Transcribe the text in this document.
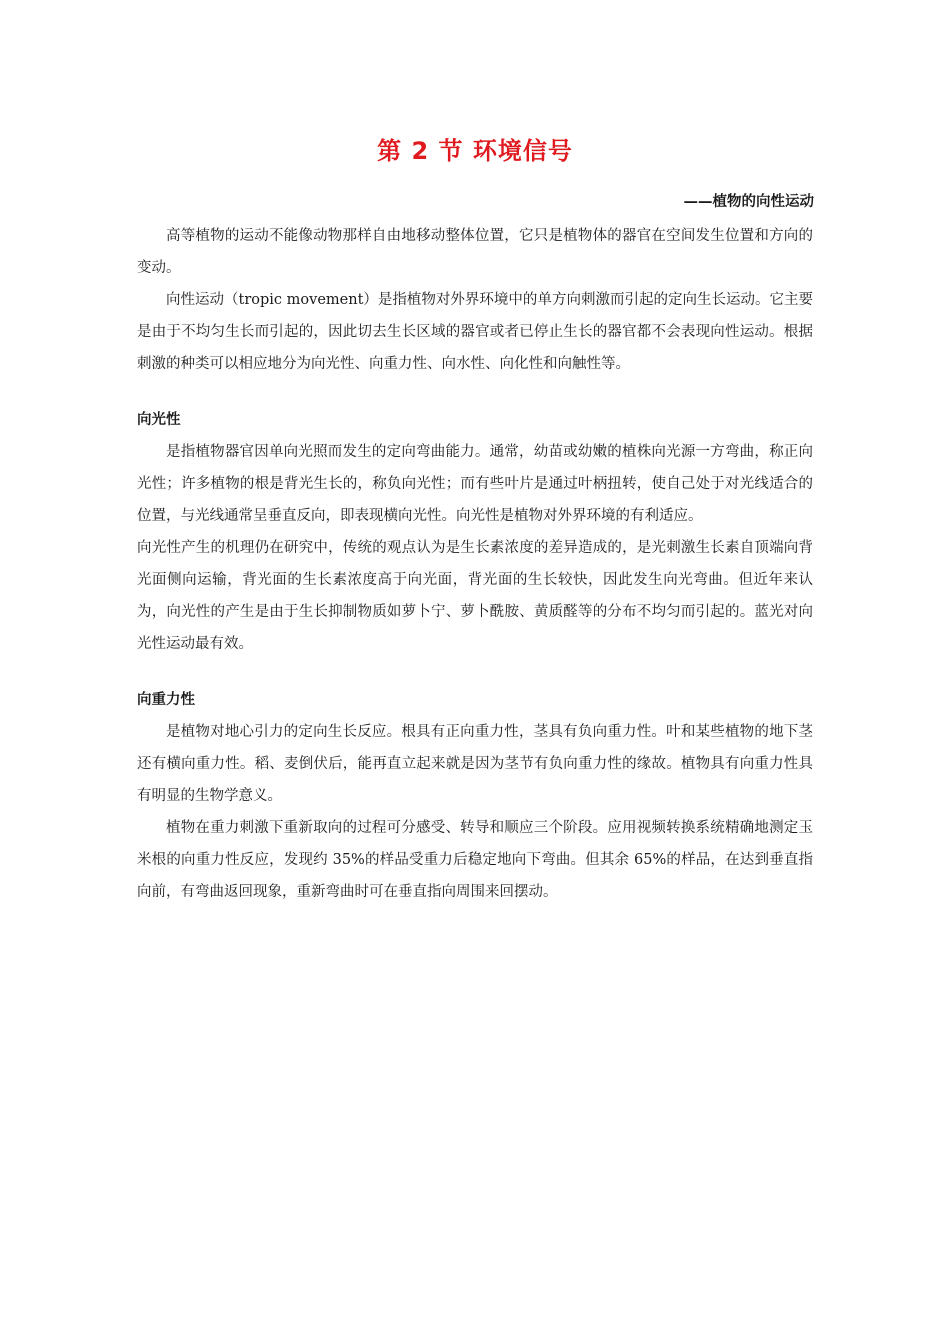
第 2 节 环境信号
——植物的向性运动

高等植物的运动不能像动物那样自由地移动整体位置，它只是植物体的器官在空间发生位置和方向的变动。

向性运动（tropic movement）是指植物对外界环境中的单方向刺激而引起的定向生长运动。它主要是由于不均匀生长而引起的，因此切去生长区域的器官或者已停止生长的器官都不会表现向性运动。根据刺激的种类可以相应地分为向光性、向重力性、向水性、向化性和向触性等。

向光性

是指植物器官因单向光照而发生的定向弯曲能力。通常，幼苗或幼嫩的植株向光源一方弯曲，称正向光性；许多植物的根是背光生长的，称负向光性；而有些叶片是通过叶柄扭转，使自己处于对光线适合的位置，与光线通常呈垂直反向，即表现横向光性。向光性是植物对外界环境的有利适应。

向光性产生的机理仍在研究中，传统的观点认为是生长素浓度的差异造成的，是光刺激生长素自顶端向背光面侧向运输，背光面的生长素浓度高于向光面，背光面的生长较快，因此发生向光弯曲。但近年来认为，向光性的产生是由于生长抑制物质如萝卜宁、萝卜酰胺、黄质醛等的分布不均匀而引起的。蓝光对向光性运动最有效。

向重力性

是植物对地心引力的定向生长反应。根具有正向重力性，茎具有负向重力性。叶和某些植物的地下茎还有横向重力性。稻、麦倒伏后，能再直立起来就是因为茎节有负向重力性的缘故。植物具有向重力性具有明显的生物学意义。

植物在重力刺激下重新取向的过程可分感受、转导和顺应三个阶段。应用视频转换系统精确地测定玉米根的向重力性反应，发现约 35%的样品受重力后稳定地向下弯曲。但其余 65%的样品，在达到垂直指向前，有弯曲返回现象，重新弯曲时可在垂直指向周围来回摆动。
